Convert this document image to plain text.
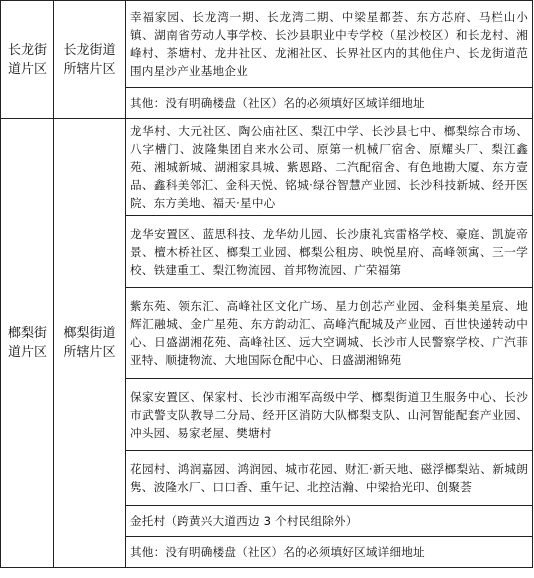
长龙街道片区	长龙街道所辖片区	幸福家园、长龙湾一期、长龙湾二期、中梁星都荟、东方芯府、马栏山小镇、湖南省劳动人事学校、长沙县职业中专学校（星沙校区）和长龙村、湘峰村、茶塘村、龙井社区、龙湘社区、长界社区内的其他住户、长龙街道范围内星沙产业基地企业
		其他：没有明确楼盘（社区）名的必须填好区域详细地址
榔梨街道片区	榔梨街道所辖片区	龙华村、大元社区、陶公庙社区、梨江中学、长沙县七中、榔梨综合市场、八字槽门、波隆集团自来水公司、原第一机械厂宿舍、原耀头厂、梨江鑫苑、湘城新城、湖湘家具城、紫恩路、二汽配宿舍、有色地勘大厦、东方壹品、鑫科美邻汇、金科天悦、铭城·绿谷智慧产业园、长沙科技新城、经开医院、东方美地、福天·星中心
		龙华安置区、蓝思科技、龙华幼儿园、长沙康礼宾雷格学校、豪庭、凯旋帝景、檀木桥社区、榔梨工业园、榔梨公租房、映悦星府、高峰领寓、三一学校、铁建重工、梨江物流园、首邦物流园、广荣福第
		紫东苑、领东汇、高峰社区文化广场、星力创芯产业园、金科集美星宸、地辉汇融城、金广星苑、东方韵动汇、高峰汽配城及产业园、百世快递转动中心、日盛湖湘花苑、高峰社区、远大空调城、长沙市人民警察学校、广汽菲亚特、顺捷物流、大地国际仓配中心、日盛湖湘锦苑
		保家安置区、保家村、长沙市湘军高级中学、榔梨街道卫生服务中心、长沙市武警支队教导二分局、经开区消防大队榔梨支队、山河智能配套产业园、冲头园、易家老屋、樊塘村
		花园村、鸿润嘉园、鸿润园、城市花园、财汇·新天地、磁浮榔梨站、新城朗隽、波隆水厂、口口香、重午记、北控洁瀚、中梁拾光印、创聚荟
		金托村（跨黄兴大道西边 3 个村民组除外）
		其他：没有明确楼盘（社区）名的必须填好区域详细地址
